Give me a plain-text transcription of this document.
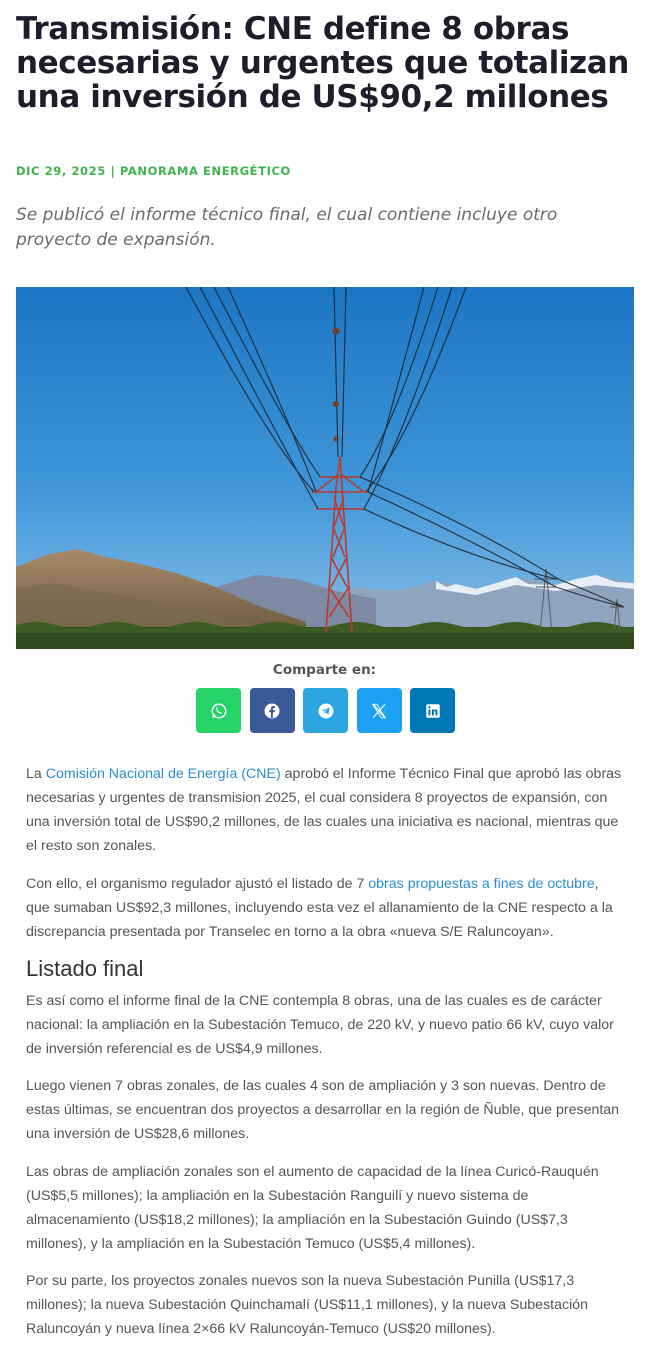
Transmisión: CNE define 8 obras necesarias y urgentes que totalizan una inversión de US$90,2 millones
DIC 29, 2025 | PANORAMA ENERGÉTICO

Se publicó el informe técnico final, el cual contiene incluye otro proyecto de expansión.

Comparte en:

La Comisión Nacional de Energía (CNE) aprobó el Informe Técnico Final que aprobó las obras necesarias y urgentes de transmision 2025, el cual considera 8 proyectos de expansión, con una inversión total de US$90,2 millones, de las cuales una iniciativa es nacional, mientras que el resto son zonales.

Con ello, el organismo regulador ajustó el listado de 7 obras propuestas a fines de octubre, que sumaban US$92,3 millones, incluyendo esta vez el allanamiento de la CNE respecto a la discrepancia presentada por Transelec en torno a la obra «nueva S/E Raluncoyan».

Listado final

Es así como el informe final de la CNE contempla 8 obras, una de las cuales es de carácter nacional: la ampliación en la Subestación Temuco, de 220 kV, y nuevo patio 66 kV, cuyo valor de inversión referencial es de US$4,9 millones.

Luego vienen 7 obras zonales, de las cuales 4 son de ampliación y 3 son nuevas. Dentro de estas últimas, se encuentran dos proyectos a desarrollar en la región de Ñuble, que presentan una inversión de US$28,6 millones.

Las obras de ampliación zonales son el aumento de capacidad de la línea Curicó-Rauquén (US$5,5 millones); la ampliación en la Subestación Ranguilí y nuevo sistema de almacenamiento (US$18,2 millones); la ampliación en la Subestación Guindo (US$7,3 millones), y la ampliación en la Subestación Temuco (US$5,4 millones).

Por su parte, los proyectos zonales nuevos son la nueva Subestación Punilla (US$17,3 millones); la nueva Subestación Quinchamalí (US$11,1 millones), y la nueva Subestación Raluncoyán y nueva línea 2×66 kV Raluncoyán-Temuco (US$20 millones).
